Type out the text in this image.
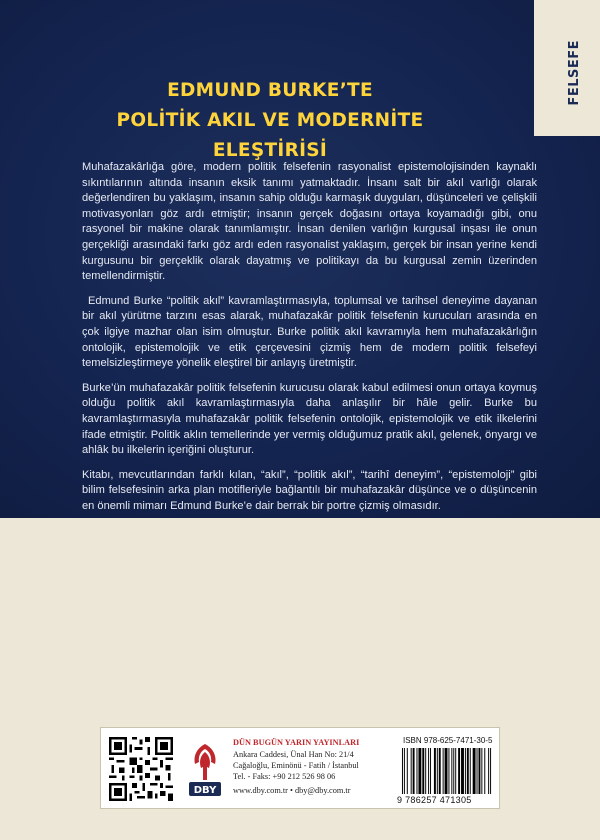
EDMUND BURKE’TE
POLİTİK AKIL VE MODERNİTE ELEŞTİRİSİ

Muhafazakârlığa göre, modern politik felsefenin rasyonalist epistemolojisinden kaynaklı sıkıntılarının altında insanın eksik tanımı yatmaktadır. İnsanı salt bir akıl varlığı olarak değerlendiren bu yaklaşım, insanın sahip olduğu karmaşık duyguları, düşünceleri ve çelişkili motivasyonları göz ardı etmiştir; insanın gerçek doğasını ortaya koyamadığı gibi, onu rasyonel bir makine olarak tanımlamıştır. İnsan denilen varlığın kurgusal inşası ile onun gerçekliği arasındaki farkı göz ardı eden rasyonalist yaklaşım, gerçek bir insan yerine kendi kurgusunu bir gerçeklik olarak dayatmış ve politikayı da bu kurgusal zemin üzerinden temellendirmiştir.

Edmund Burke “politik akıl” kavramlaştırmasıyla, toplumsal ve tarihsel deneyime dayanan bir akıl yürütme tarzını esas alarak, muhafazakâr politik felsefenin kurucuları arasında en çok ilgiye mazhar olan isim olmuştur. Burke politik akıl kavramıyla hem muhafazakârlığın ontolojik, epistemolojik ve etik çerçevesini çizmiş hem de modern politik felsefeyi temelsizleştirmeye yönelik eleştirel bir anlayış üretmiştir.

Burke’ün muhafazakâr politik felsefenin kurucusu olarak kabul edilmesi onun ortaya koymuş olduğu politik akıl kavramlaştırmasıyla daha anlaşılır bir hâle gelir. Burke bu kavramlaştırmasıyla muhafazakâr politik felsefenin ontolojik, epistemolojik ve etik ilkelerini ifade etmiştir. Politik aklın temellerinde yer vermiş olduğumuz pratik akıl, gelenek, önyargı ve ahlâk bu ilkelerin içeriğini oluşturur.

Kitabı, mevcutlarından farklı kılan, “akıl”, “politik akıl”, “tarihî deneyim”, “epistemoloji” gibi bilim felsefesinin arka plan motifleriyle bağlantılı bir muhafazakâr düşünce ve o düşüncenin en önemli mimarı Edmund Burke’e dair berrak bir portre çizmiş olmasıdır.

FELSEFE
DBY
DÜN BUGÜN YARIN YAYINLARI
Ankara Caddesi, Ünal Han No: 21/4
Cağaloğlu, Eminönü - Fatih / İstanbul
Tel. - Faks: +90 212 526 98 06
www.dby.com.tr • dby@dby.com.tr
ISBN 978-625-7471-30-5
9 786257 471305
